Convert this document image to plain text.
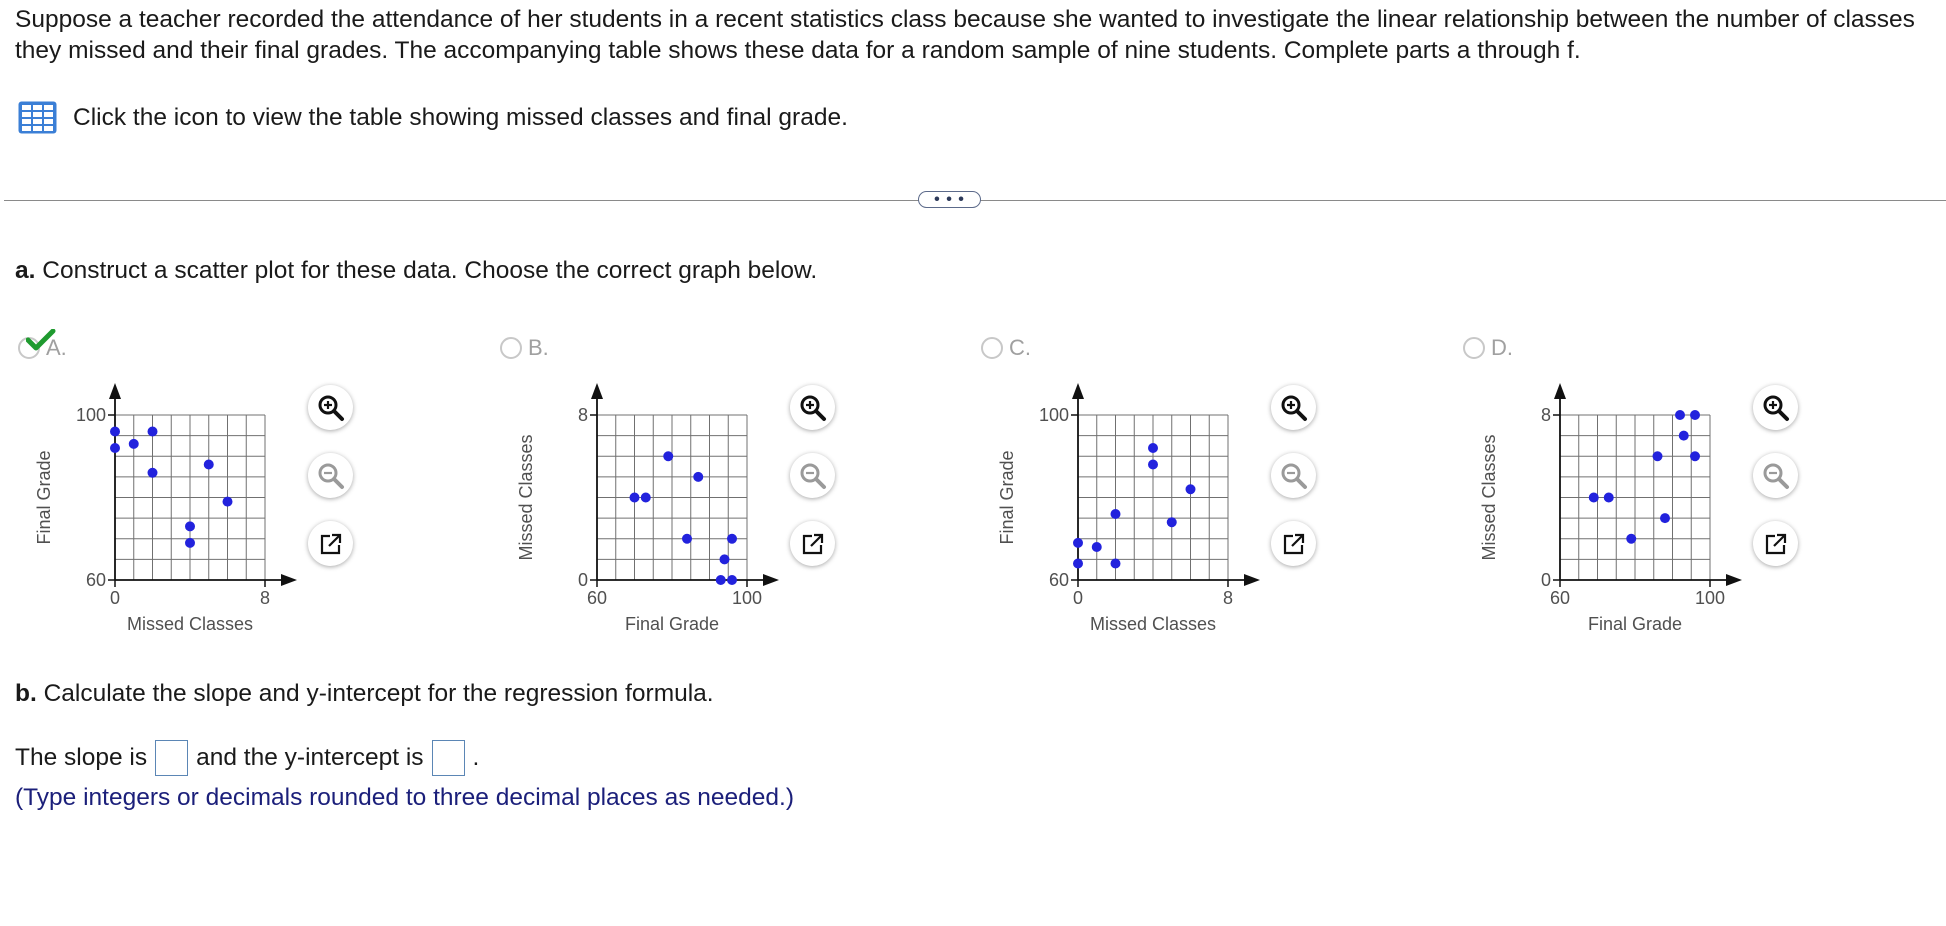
Suppose a teacher recorded the attendance of her students in a recent statistics class because she wanted to investigate the linear relationship between the number of classes they missed and their final grades. The accompanying table shows these data for a random sample of nine students. Complete parts a through f.

Click the icon to view the table showing missed classes and final grade.
• • •

a. Construct a scatter plot for these data. Choose the correct graph below.

A.
0	8
60
100
Missed Classes
Final Grade
B.
60	100
0
8
Final Grade
Missed Classes
C.
0	8
60
100
Missed Classes
Final Grade
D.
60	100
0
8
Final Grade
Missed Classes

b. Calculate the slope and y-intercept for the regression formula.

The slope is and the y-intercept is .

(Type integers or decimals rounded to three decimal places as needed.)
